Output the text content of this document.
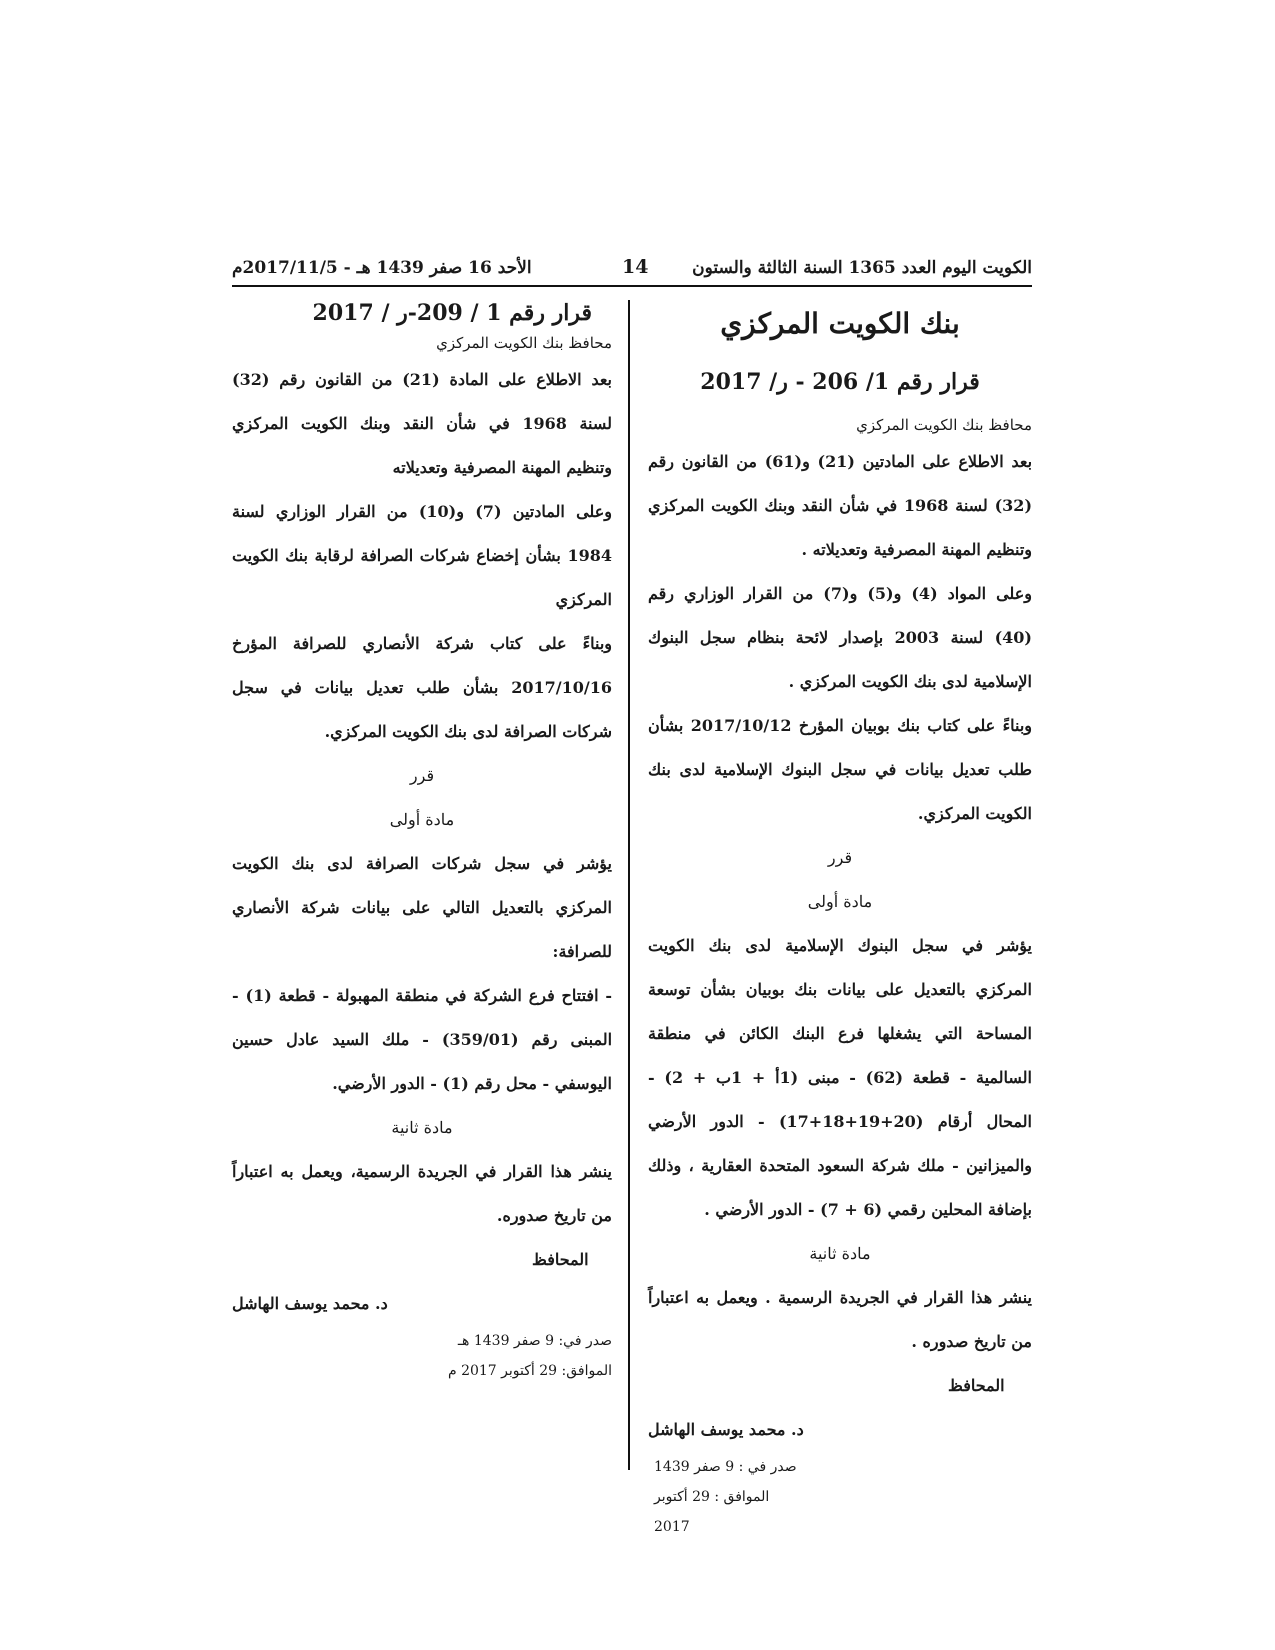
الكويت اليوم العدد 1365 السنة الثالثة والستون
14
الأحد 16 صفر 1439 هـ - 2017/11/5م

بنك الكويت المركزي

قرار رقم 1/ 206 - ر/ 2017

محافظ بنك الكويت المركزي

بعد الاطلاع على المادتين (21) و(61) من القانون رقم (32) لسنة 1968 في شأن النقد وبنك الكويت المركزي وتنظيم المهنة المصرفية وتعديلاته .

وعلى المواد (4) و(5) و(7) من القرار الوزاري رقم (40) لسنة 2003 بإصدار لائحة بنظام سجل البنوك الإسلامية لدى بنك الكويت المركزي .

وبناءً على كتاب بنك بوبيان المؤرخ 2017/10/12 بشأن طلب تعديل بيانات في سجل البنوك الإسلامية لدى بنك الكويت المركزي.

قرر

مادة أولى

يؤشر في سجل البنوك الإسلامية لدى بنك الكويت المركزي بالتعديل على بيانات بنك بوبيان بشأن توسعة المساحة التي يشغلها فرع البنك الكائن في منطقة السالمية - قطعة (62) - مبنى (1أ + 1ب + 2) - المحال أرقام (20+19+18+17) - الدور الأرضي والميزانين - ملك شركة السعود المتحدة العقارية ، وذلك بإضافة المحلين رقمي (6 + 7) - الدور الأرضي .

مادة ثانية

ينشر هذا القرار في الجريدة الرسمية . ويعمل به اعتباراً من تاريخ صدوره .

المحافظ

د. محمد يوسف الهاشل

صدر في : 9 صفر 1439

الموافق : 29 أكتوبر 2017

قرار رقم 1 / 209-ر / 2017

محافظ بنك الكويت المركزي

بعد الاطلاع على المادة (21) من القانون رقم (32) لسنة 1968 في شأن النقد وبنك الكويت المركزي وتنظيم المهنة المصرفية وتعديلاته

وعلى المادتين (7) و(10) من القرار الوزاري لسنة 1984 بشأن إخضاع شركات الصرافة لرقابة بنك الكويت المركزي

وبناءً على كتاب شركة الأنصاري للصرافة المؤرخ 2017/10/16 بشأن طلب تعديل بيانات في سجل شركات الصرافة لدى بنك الكويت المركزي.

قرر

مادة أولى

يؤشر في سجل شركات الصرافة لدى بنك الكويت المركزي بالتعديل التالي على بيانات شركة الأنصاري للصرافة:

- افتتاح فرع الشركة في منطقة المهبولة - قطعة (1) - المبنى رقم (359/01) - ملك السيد عادل حسين اليوسفي - محل رقم (1) - الدور الأرضي.

مادة ثانية

ينشر هذا القرار في الجريدة الرسمية، ويعمل به اعتباراً من تاريخ صدوره.

المحافظ

د. محمد يوسف الهاشل

صدر في: 9 صفر 1439 هـ

الموافق: 29 أكتوبر 2017 م
